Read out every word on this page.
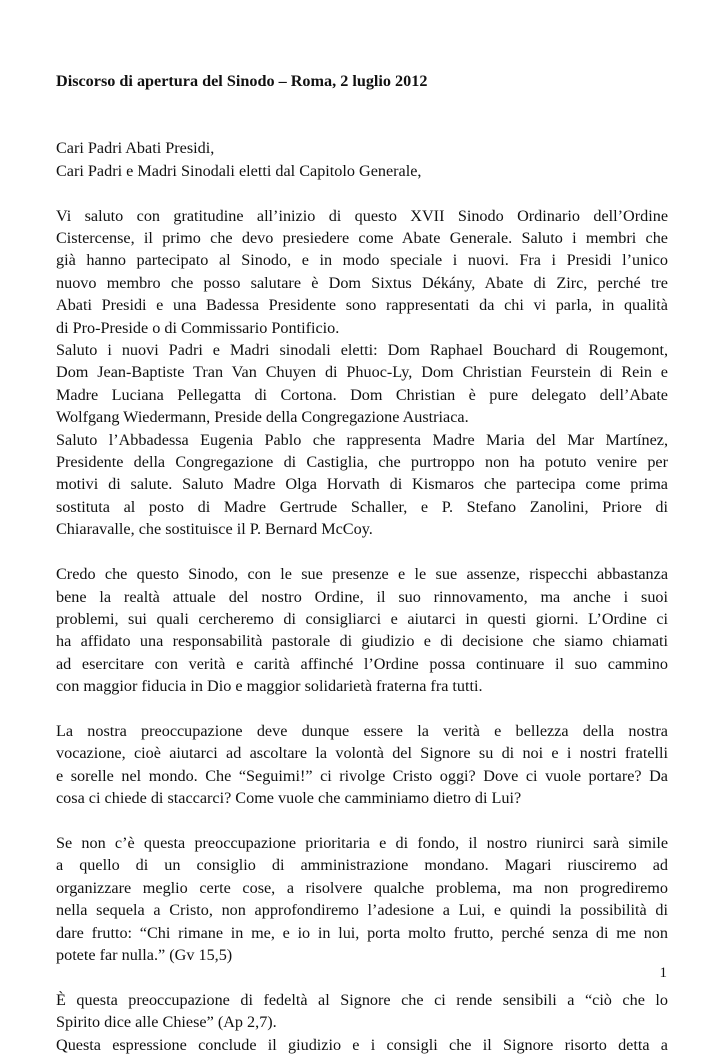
Discorso di apertura del Sinodo – Roma, 2 luglio 2012
Cari Padri Abati Presidi,
Cari Padri e Madri Sinodali eletti dal Capitolo Generale,
Vi saluto con gratitudine all’inizio di questo XVII Sinodo Ordinario dell’Ordine
Cistercense, il primo che devo presiedere come Abate Generale. Saluto i membri che
già hanno partecipato al Sinodo, e in modo speciale i nuovi. Fra i Presidi l’unico
nuovo membro che posso salutare è Dom Sixtus Dékány, Abate di Zirc, perché tre
Abati Presidi e una Badessa Presidente sono rappresentati da chi vi parla, in qualità
di Pro-Preside o di Commissario Pontificio.
Saluto i nuovi Padri e Madri sinodali eletti: Dom Raphael Bouchard di Rougemont,
Dom Jean-Baptiste Tran Van Chuyen di Phuoc-Ly, Dom Christian Feurstein di Rein e
Madre Luciana Pellegatta di Cortona. Dom Christian è pure delegato dell’Abate
Wolfgang Wiedermann, Preside della Congregazione Austriaca.
Saluto l’Abbadessa Eugenia Pablo che rappresenta Madre Maria del Mar Martínez,
Presidente della Congregazione di Castiglia, che purtroppo non ha potuto venire per
motivi di salute. Saluto Madre Olga Horvath di Kismaros che partecipa come prima
sostituta al posto di Madre Gertrude Schaller, e P. Stefano Zanolini, Priore di
Chiaravalle, che sostituisce il P. Bernard McCoy.
Credo che questo Sinodo, con le sue presenze e le sue assenze, rispecchi abbastanza
bene la realtà attuale del nostro Ordine, il suo rinnovamento, ma anche i suoi
problemi, sui quali cercheremo di consigliarci e aiutarci in questi giorni. L’Ordine ci
ha affidato una responsabilità pastorale di giudizio e di decisione che siamo chiamati
ad esercitare con verità e carità affinché l’Ordine possa continuare il suo cammino
con maggior fiducia in Dio e maggior solidarietà fraterna fra tutti.
La nostra preoccupazione deve dunque essere la verità e bellezza della nostra
vocazione, cioè aiutarci ad ascoltare la volontà del Signore su di noi e i nostri fratelli
e sorelle nel mondo. Che “Seguimi!” ci rivolge Cristo oggi? Dove ci vuole portare? Da
cosa ci chiede di staccarci? Come vuole che camminiamo dietro di Lui?
Se non c’è questa preoccupazione prioritaria e di fondo, il nostro riunirci sarà simile
a quello di un consiglio di amministrazione mondano. Magari riusciremo ad
organizzare meglio certe cose, a risolvere qualche problema, ma non progrediremo
nella sequela a Cristo, non approfondiremo l’adesione a Lui, e quindi la possibilità di
dare frutto: “Chi rimane in me, e io in lui, porta molto frutto, perché senza di me non
potete far nulla.” (Gv 15,5)
È questa preoccupazione di fedeltà al Signore che ci rende sensibili a “ciò che lo
Spirito dice alle Chiese” (Ap 2,7).
Questa espressione conclude il giudizio e i consigli che il Signore risorto detta a
1
